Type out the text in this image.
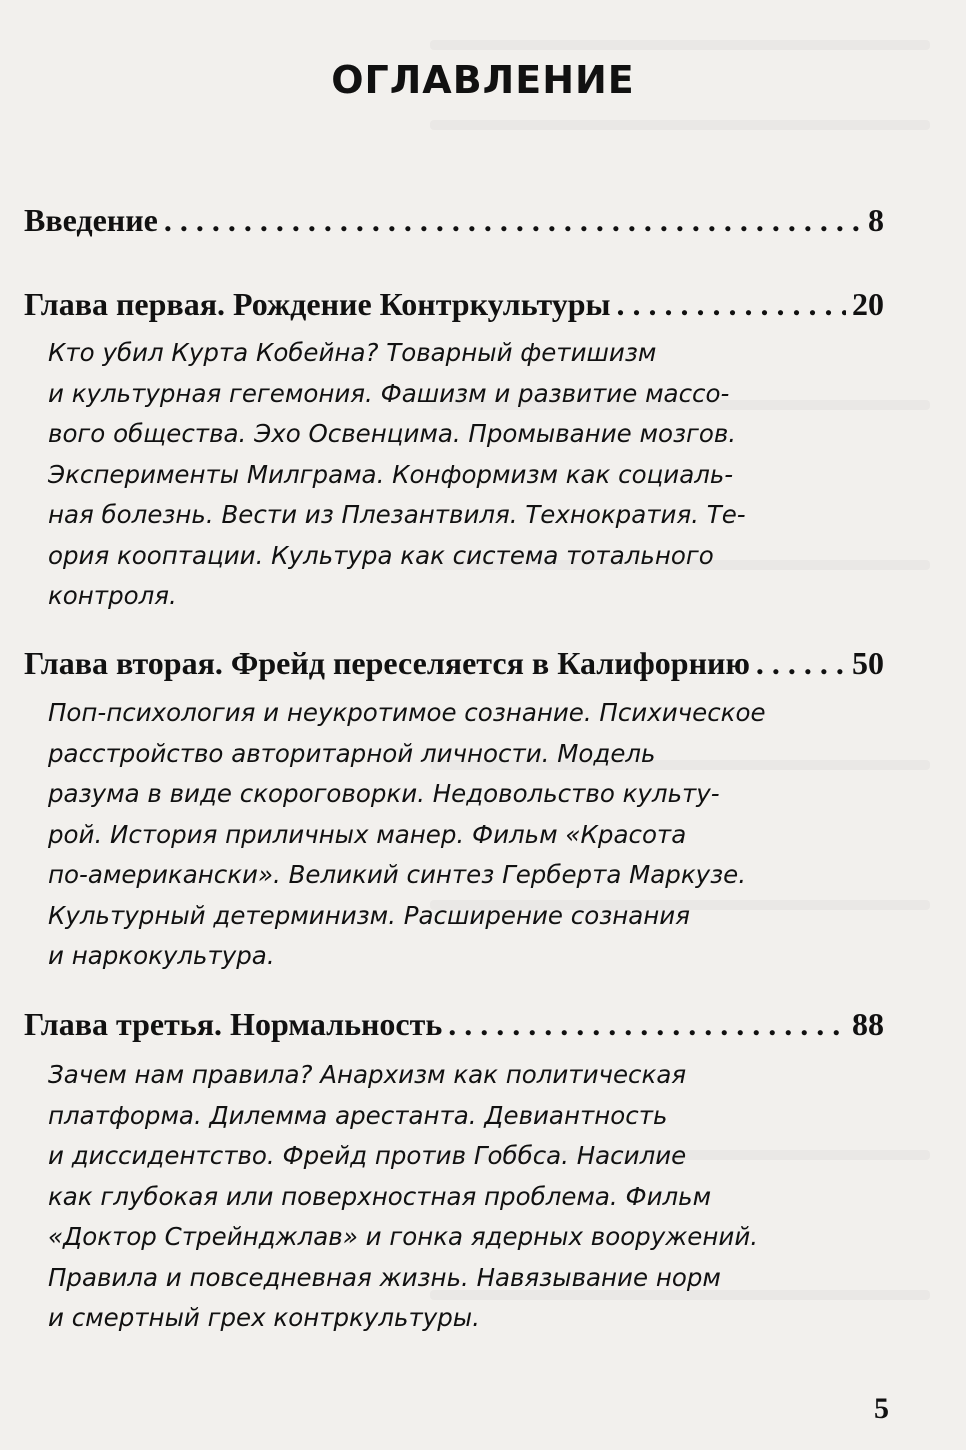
ОГЛАВЛЕНИЕ
Введение . . .	8
Глава первая. Рождение Контркультуры . . .	20
Кто убил Курта Кобейна? Товарный фетишизм
и культурная гегемония. Фашизм и развитие массо-
вого общества. Эхо Освенцима. Промывание мозгов.
Эксперименты Милграма. Конформизм как социаль-
ная болезнь. Вести из Плезантвиля. Технократия. Те-
ория кооптации. Культура как система тотального
контроля.
Глава вторая. Фрейд переселяется в Калифорнию . . .	50
Поп-психология и неукротимое сознание. Психическое
расстройство авторитарной личности. Модель
разума в виде скороговорки. Недовольство культу-
рой. История приличных манер. Фильм «Красота
по-американски». Великий синтез Герберта Маркузе.
Культурный детерминизм. Расширение сознания
и наркокультура.
Глава третья. Нормальность . . .	88
Зачем нам правила? Анархизм как политическая
платформа. Дилемма арестанта. Девиантность
и диссидентство. Фрейд против Гоббса. Насилие
как глубокая или поверхностная проблема. Фильм
«Доктор Стрейнджлав» и гонка ядерных вооружений.
Правила и повседневная жизнь. Навязывание норм
и смертный грех контркультуры.
5
